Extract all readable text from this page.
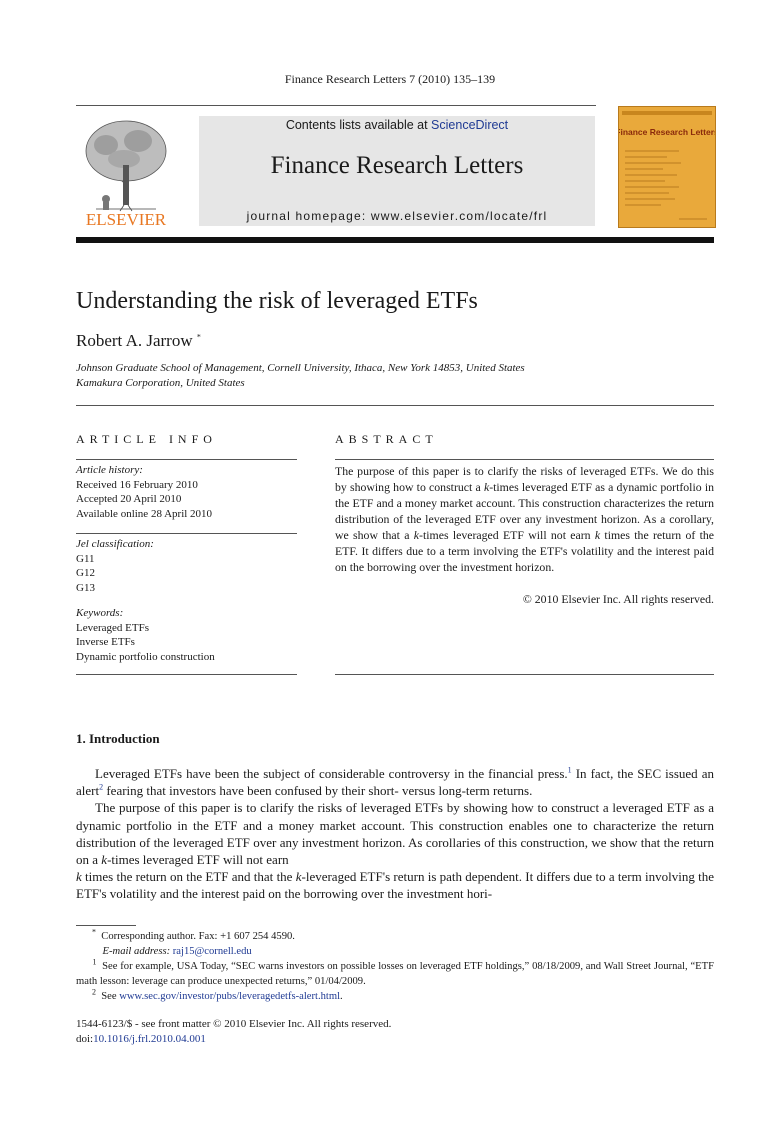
Finance Research Letters 7 (2010) 135–139
ELSEVIER
Contents lists available at ScienceDirect
Finance Research Letters
journal homepage: www.elsevier.com/locate/frl
Finance Research Letters
Understanding the risk of leveraged ETFs
Robert A. Jarrow *
Johnson Graduate School of Management, Cornell University, Ithaca, New York 14853, United States
Kamakura Corporation, United States
ARTICLE INFO	ABSTRACT
Article history:
Received 16 February 2010
Accepted 20 April 2010
Available online 28 April 2010
Jel classification:
G11
G12
G13
Keywords:
Leveraged ETFs
Inverse ETFs
Dynamic portfolio construction
The purpose of this paper is to clarify the risks of leveraged ETFs. We do this by showing how to construct a k-times leveraged ETF as a dynamic portfolio in the ETF and a money market account. This construction characterizes the return distribution of the leveraged ETF over any investment horizon. As a corollary, we show that a k-times leveraged ETF will not earn k times the return of the ETF. It differs due to a term involving the ETF's volatility and the interest paid on the borrowing over the investment horizon.
© 2010 Elsevier Inc. All rights reserved.
1. Introduction

Leveraged ETFs have been the subject of considerable controversy in the financial press.$^1$ In fact, the SEC issued an alert$^2$ fearing that investors have been confused by their short- versus long-term returns.

The purpose of this paper is to clarify the risks of leveraged ETFs by showing how to construct a leveraged ETF as a dynamic portfolio in the ETF and a money market account. This construction enables one to characterize the return distribution of the leveraged ETF over any investment horizon. As corollaries of this construction, we show that the return on a k-times leveraged ETF will not earn
k times the return on the ETF and that the k-leveraged ETF's return is path dependent. It differs due to a term involving the ETF's volatility and the interest paid on the borrowing over the investment hori-

* Corresponding author. Fax: +1 607 254 4590.
E-mail address: raj15@cornell.edu
$^1$ See for example, USA Today, “SEC warns investors on possible losses on leveraged ETF holdings,” 08/18/2009, and Wall Street Journal, “ETF math lesson: leverage can produce unexpected returns,” 01/04/2009.
$^2$ See www.sec.gov/investor/pubs/leveragedetfs-alert.html.
1544-6123/$ - see front matter © 2010 Elsevier Inc. All rights reserved.
doi:10.1016/j.frl.2010.04.001
